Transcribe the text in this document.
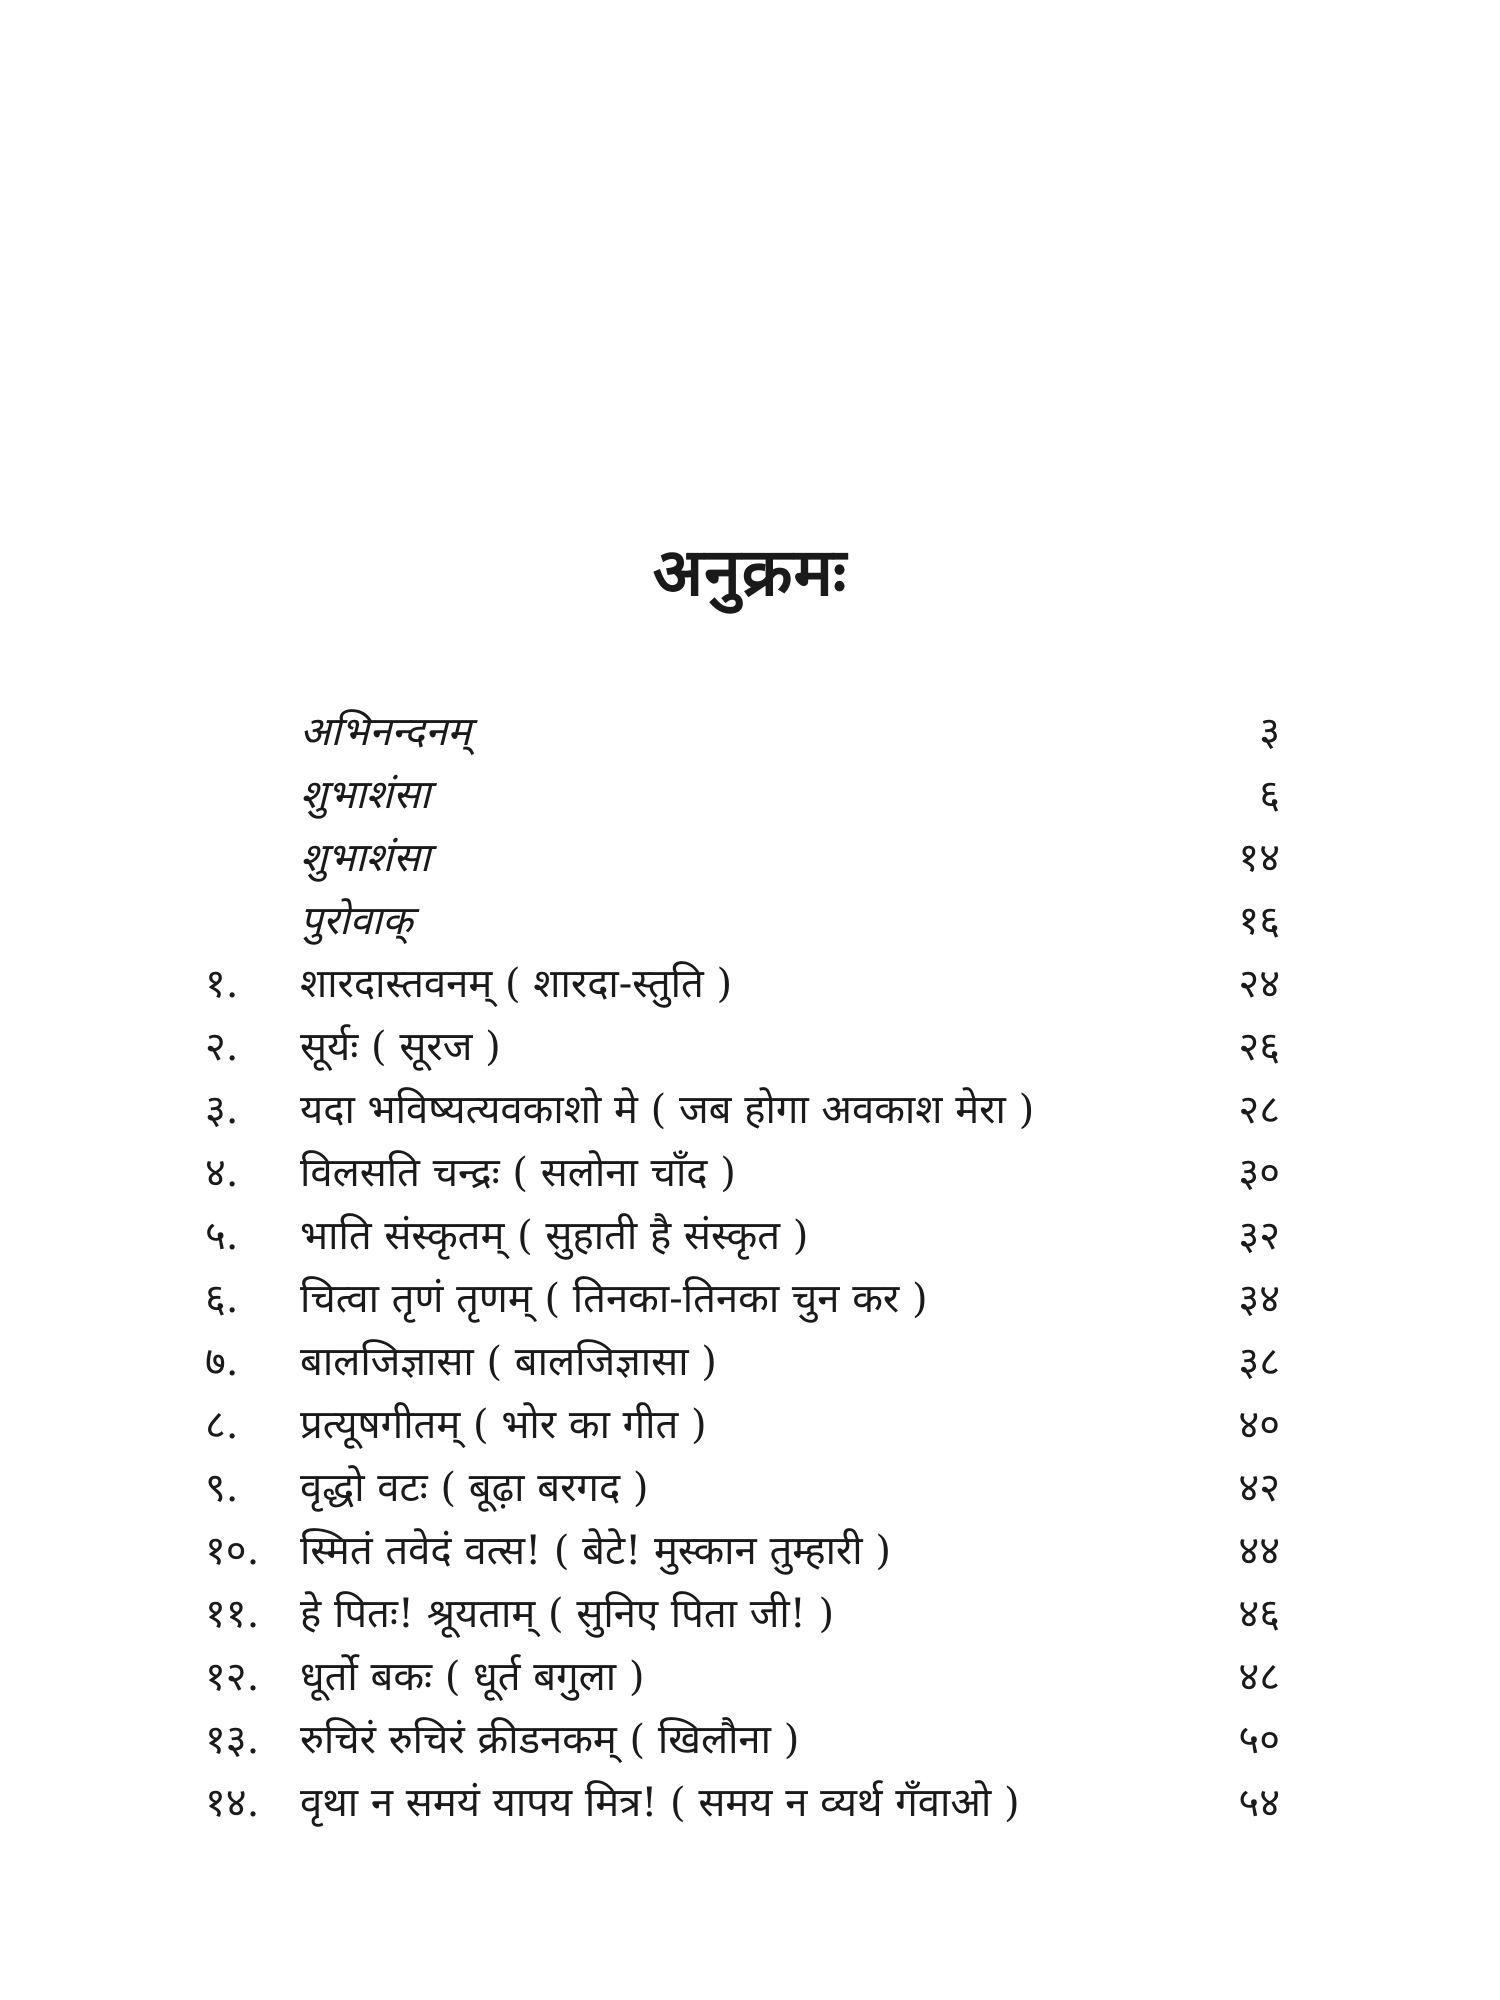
अनुक्रमः
अभिनन्दनम्	३
शुभाशंसा	६
शुभाशंसा	१४
पुरोवाक्	१६
१. शारदास्तवनम् ( शारदा-स्तुति )	२४
२. सूर्यः ( सूरज )	२६
३. यदा भविष्यत्यवकाशो मे ( जब होगा अवकाश मेरा )	२८
४. विलसति चन्द्रः ( सलोना चाँद )	३०
५. भाति संस्कृतम् ( सुहाती है संस्कृत )	३२
६. चित्वा तृणं तृणम् ( तिनका-तिनका चुन कर )	३४
७. बालजिज्ञासा ( बालजिज्ञासा )	३८
८. प्रत्यूषगीतम् ( भोर का गीत )	४०
९. वृद्धो वटः ( बूढ़ा बरगद )	४२
१०. स्मितं तवेदं वत्स! ( बेटे! मुस्कान तुम्हारी )	४४
११. हे पितः! श्रूयताम् ( सुनिए पिता जी! )	४६
१२. धूर्तो बकः ( धूर्त बगुला )	४८
१३. रुचिरं रुचिरं क्रीडनकम् ( खिलौना )	५०
१४. वृथा न समयं यापय मित्र! ( समय न व्यर्थ गँवाओ )	५४
